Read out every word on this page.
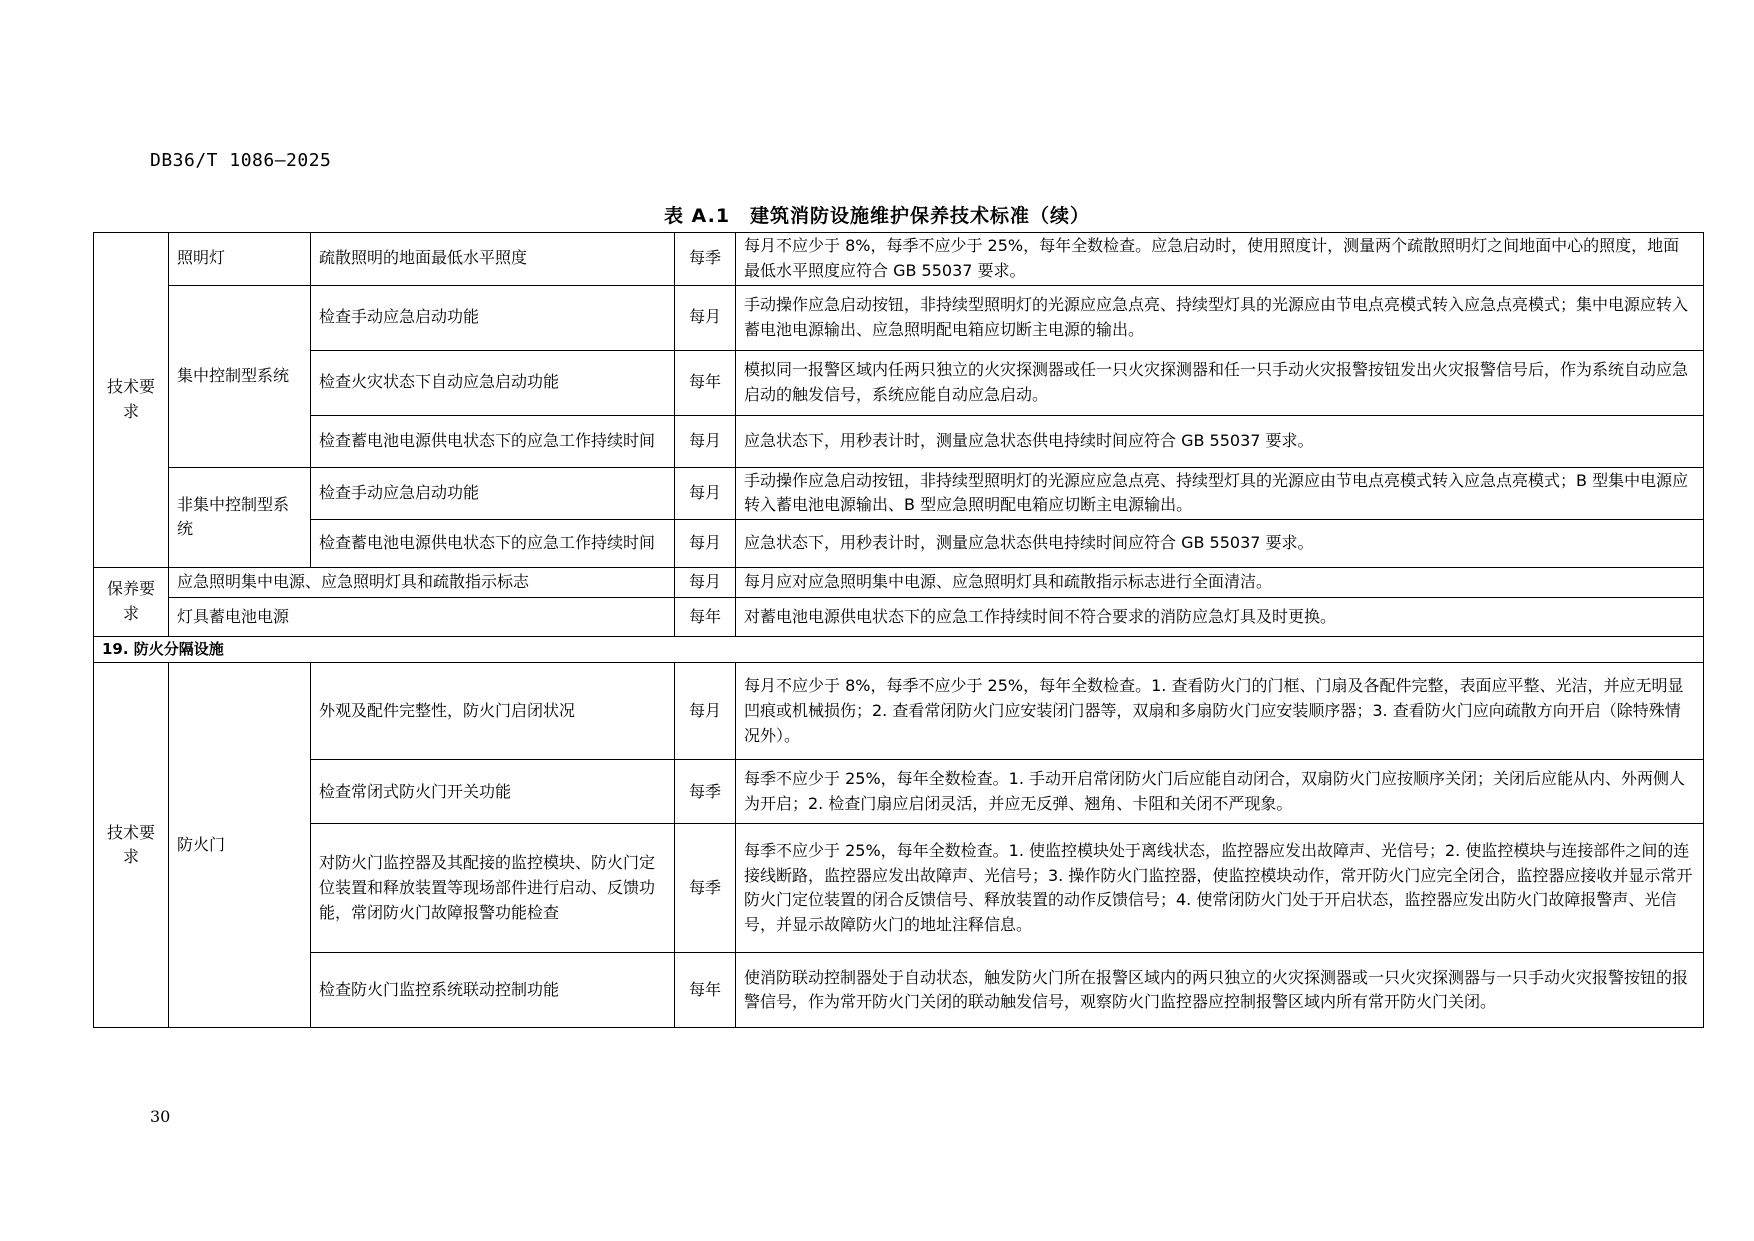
DB36/T 1086—2025
表 A.1　建筑消防设施维护保养技术标准（续）
技术要求	照明灯	疏散照明的地面最低水平照度	每季	每月不应少于 8%，每季不应少于 25%，每年全数检查。应急启动时，使用照度计，测量两个疏散照明灯之间地面中心的照度，地面最低水平照度应符合 GB 55037 要求。
	集中控制型系统	检查手动应急启动功能	每月	手动操作应急启动按钮，非持续型照明灯的光源应应急点亮、持续型灯具的光源应由节电点亮模式转入应急点亮模式；集中电源应转入蓄电池电源输出、应急照明配电箱应切断主电源的输出。
		检查火灾状态下自动应急启动功能	每年	模拟同一报警区域内任两只独立的火灾探测器或任一只火灾探测器和任一只手动火灾报警按钮发出火灾报警信号后，作为系统自动应急启动的触发信号，系统应能自动应急启动。
		检查蓄电池电源供电状态下的应急工作持续时间	每月	应急状态下，用秒表计时，测量应急状态供电持续时间应符合 GB 55037 要求。
	非集中控制型系统	检查手动应急启动功能	每月	手动操作应急启动按钮，非持续型照明灯的光源应应急点亮、持续型灯具的光源应由节电点亮模式转入应急点亮模式；B 型集中电源应转入蓄电池电源输出、B 型应急照明配电箱应切断主电源输出。
		检查蓄电池电源供电状态下的应急工作持续时间	每月	应急状态下，用秒表计时，测量应急状态供电持续时间应符合 GB 55037 要求。
保养要求	应急照明集中电源、应急照明灯具和疏散指示标志		每月	每月应对应急照明集中电源、应急照明灯具和疏散指示标志进行全面清洁。
	灯具蓄电池电源		每年	对蓄电池电源供电状态下的应急工作持续时间不符合要求的消防应急灯具及时更换。
19. 防火分隔设施				
技术要求	防火门	外观及配件完整性，防火门启闭状况	每月	每月不应少于 8%，每季不应少于 25%，每年全数检查。1. 查看防火门的门框、门扇及各配件完整，表面应平整、光洁，并应无明显凹痕或机械损伤；2. 查看常闭防火门应安装闭门器等，双扇和多扇防火门应安装顺序器；3. 查看防火门应向疏散方向开启（除特殊情况外）。
		检查常闭式防火门开关功能	每季	每季不应少于 25%，每年全数检查。1. 手动开启常闭防火门后应能自动闭合，双扇防火门应按顺序关闭；关闭后应能从内、外两侧人为开启；2. 检查门扇应启闭灵活，并应无反弹、翘角、卡阻和关闭不严现象。
		对防火门监控器及其配接的监控模块、防火门定位装置和释放装置等现场部件进行启动、反馈功能，常闭防火门故障报警功能检查	每季	每季不应少于 25%，每年全数检查。1. 使监控模块处于离线状态，监控器应发出故障声、光信号；2. 使监控模块与连接部件之间的连接线断路，监控器应发出故障声、光信号；3. 操作防火门监控器，使监控模块动作，常开防火门应完全闭合，监控器应接收并显示常开防火门定位装置的闭合反馈信号、释放装置的动作反馈信号；4. 使常闭防火门处于开启状态，监控器应发出防火门故障报警声、光信号，并显示故障防火门的地址注释信息。
		检查防火门监控系统联动控制功能	每年	使消防联动控制器处于自动状态，触发防火门所在报警区域内的两只独立的火灾探测器或一只火灾探测器与一只手动火灾报警按钮的报警信号，作为常开防火门关闭的联动触发信号，观察防火门监控器应控制报警区域内所有常开防火门关闭。
30
